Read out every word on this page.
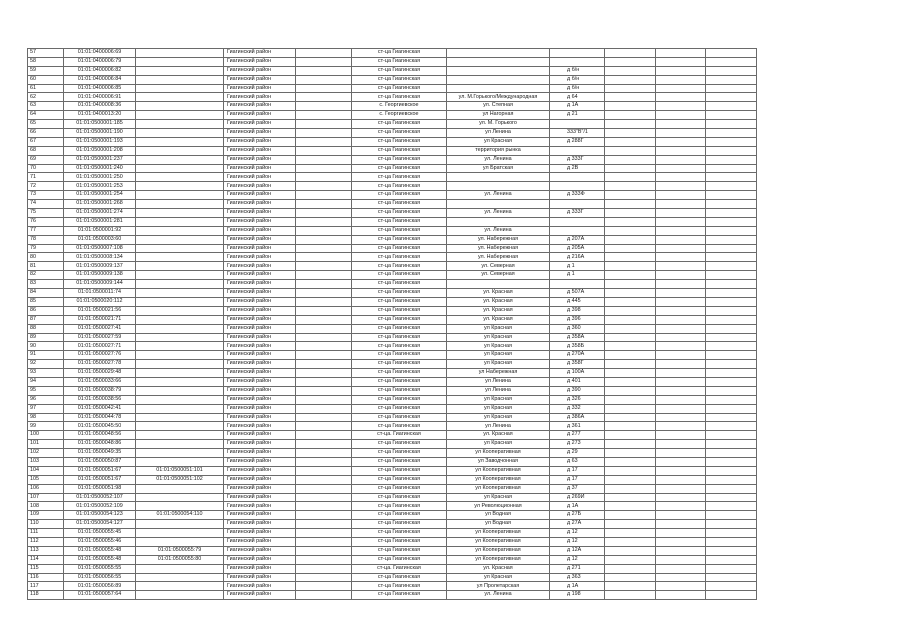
57	01:01:0400006:69		Гиагинский район		ст-ца Гиагинская					
58	01:01:0400006:79		Гиагинский район		ст-ца Гиагинская					
59	01:01:0400006:82		Гиагинский район		ст-ца Гиагинская		д б/н			
60	01:01:0400006:84		Гиагинский район		ст-ца Гиагинская		д б/н			
61	01:01:0400006:85		Гиагинский район		ст-ца Гиагинская		д б/н			
62	01:01:0400006:91		Гиагинский район		ст-ца Гиагинская	ул. М.Горького/Международная	д 64			
63	01:01:0400008:36		Гиагинский район		с. Георгиевское	ул. Степная	д 1А			
64	01:01:0400013:20		Гиагинский район		с. Георгиевское	ул Нагорная	д 21			
65	01:01:0500001:185		Гиагинский район		ст-ца Гиагинская	ул. М. Горького				
66	01:01:0500001:190		Гиагинский район		ст-ца Гиагинская	ул Ленина	333"В"/1			
67	01:01:0500001:193		Гиагинский район		ст-ца Гиагинская	ул Красная	д 288Г			
68	01:01:0500001:208		Гиагинский район		ст-ца Гиагинская	территория рынка				
69	01:01:0500001:237		Гиагинский район		ст-ца Гиагинская	ул. Ленина	д 333Г			
70	01:01:0500001:240		Гиагинский район		ст-ца Гиагинская	ул Братская	д 2В			
71	01:01:0500001:250		Гиагинский район		ст-ца Гиагинская					
72	01:01:0500001:253		Гиагинский район		ст-ца Гиагинская					
73	01:01:0500001:254		Гиагинский район		ст-ца Гиагинская	ул. Ленина	д 333Ф			
74	01:01:0500001:268		Гиагинский район		ст-ца Гиагинская					
75	01:01:0500001:274		Гиагинский район		ст-ца Гиагинская	ул. Ленина	д 333Г			
76	01:01:0500001:281		Гиагинский район		ст-ца Гиагинская					
77	01:01:0500001:92		Гиагинский район		ст-ца Гиагинская	ул. Ленина				
78	01:01:0500003:60		Гиагинский район		ст-ца Гиагинская	ул. Набережная	д 207А			
79	01:01:0500007:108		Гиагинский район		ст-ца Гиагинская	ул. Набережная	д 205А			
80	01:01:0500008:134		Гиагинский район		ст-ца Гиагинская	ул. Набережная	д 216А			
81	01:01:0500009:137		Гиагинский район		ст-ца Гиагинская	ул. Северная	д 1			
82	01:01:0500009:138		Гиагинский район		ст-ца Гиагинская	ул. Северная	д 1			
83	01:01:0500009:144		Гиагинский район		ст-ца Гиагинская					
84	01:01:0500011:74		Гиагинский район		ст-ца Гиагинская	ул. Красная	д 507А			
85	01:01:0500020:112		Гиагинский район		ст-ца Гиагинская	ул. Красная	д 445			
86	01:01:0500021:56		Гиагинский район		ст-ца Гиагинская	ул. Красная	д 398			
87	01:01:0500021:71		Гиагинский район		ст-ца Гиагинская	ул. Красная	д 396			
88	01:01:0500027:41		Гиагинский район		ст-ца Гиагинская	ул Красная	д 360			
89	01:01:0500027:59		Гиагинский район		ст-ца Гиагинская	ул Красная	д 358А			
90	01:01:0500027:71		Гиагинский район		ст-ца Гиагинская	ул Красная	д 358Б			
91	01:01:0500027:76		Гиагинский район		ст-ца Гиагинская	ул Красная	д 270А			
92	01:01:0500027:78		Гиагинский район		ст-ца Гиагинская	ул Красная	д 358Г			
93	01:01:0500029:48		Гиагинский район		ст-ца Гиагинская	ул Набережная	д 100А			
94	01:01:0500033:66		Гиагинский район		ст-ца Гиагинская	ул Ленина	д 401			
95	01:01:0500038:79		Гиагинский район		ст-ца Гиагинская	ул Ленина	д 390			
96	01:01:0500038:56		Гиагинский район		ст-ца Гиагинская	ул Красная	д 326			
97	01:01:0500042:41		Гиагинский район		ст-ца Гиагинская	ул Красная	д 332			
98	01:01:0500044:78		Гиагинский район		ст-ца Гиагинская	ул Красная	д 386А			
99	01:01:0500045:50		Гиагинский район		ст-ца Гиагинская	ул Ленина	д 361			
100	01:01:0500048:56		Гиагинский район		ст-ца. Гиагинская	ул. Красная	д 277			
101	01:01:0500048:86		Гиагинский район		ст-ца Гиагинская	ул Красная	д 273			
102	01:01:0500049:35		Гиагинский район		ст-ца Гиагинская	ул Кооперативная	д 29			
103	01:01:0500050:87		Гиагинский район		ст-ца Гиагинская	ул Заводчонная	д 63			
104	01:01:0500051:67	01:01:0500051:101	Гиагинский район		ст-ца Гиагинская	ул Кооперативная	д 17			
105	01:01:0500051:67	01:01:0500051:102	Гиагинский район		ст-ца Гиагинская	ул Кооперативная	д 17			
106	01:01:0500051:98		Гиагинский район		ст-ца Гиагинская	ул Кооперативная	д 37			
107	01:01:0500052:107		Гиагинский район		ст-ца Гиагинская	ул Красная	д 269И			
108	01:01:0500052:109		Гиагинский район		ст-ца Гиагинская	ул Революционная	д 1А			
109	01:01:0500054:123	01:01:0500054:110	Гиагинский район		ст-ца Гиагинская	ул Водная	д 27Б			
110	01:01:0500054:127		Гиагинский район		ст-ца Гиагинская	ул Водная	д 27А			
111	01:01:0500055:45		Гиагинский район		ст-ца Гиагинская	ул Кооперативная	д 12			
112	01:01:0500055:46		Гиагинский район		ст-ца Гиагинская	ул Кооперативная	д 12			
113	01:01:0500055:48	01:01:0500055:79	Гиагинский район		ст-ца Гиагинская	ул Кооперативная	д 12А			
114	01:01:0500055:48	01:01:0500055:80	Гиагинский район		ст-ца Гиагинская	ул Кооперативная	д 12			
115	01:01:0500055:55		Гиагинский район		ст-ца. Гиагинская	ул. Красная	д 271			
116	01:01:0500056:55		Гиагинский район		ст-ца Гиагинская	ул Красная	д 363			
117	01:01:0500056:89		Гиагинский район		ст-ца Гиагинская	ул Пролетарская	д 1А			
118	01:01:0500057:64		Гиагинский район		ст-ца Гиагинская	ул. Ленина	д 198			
